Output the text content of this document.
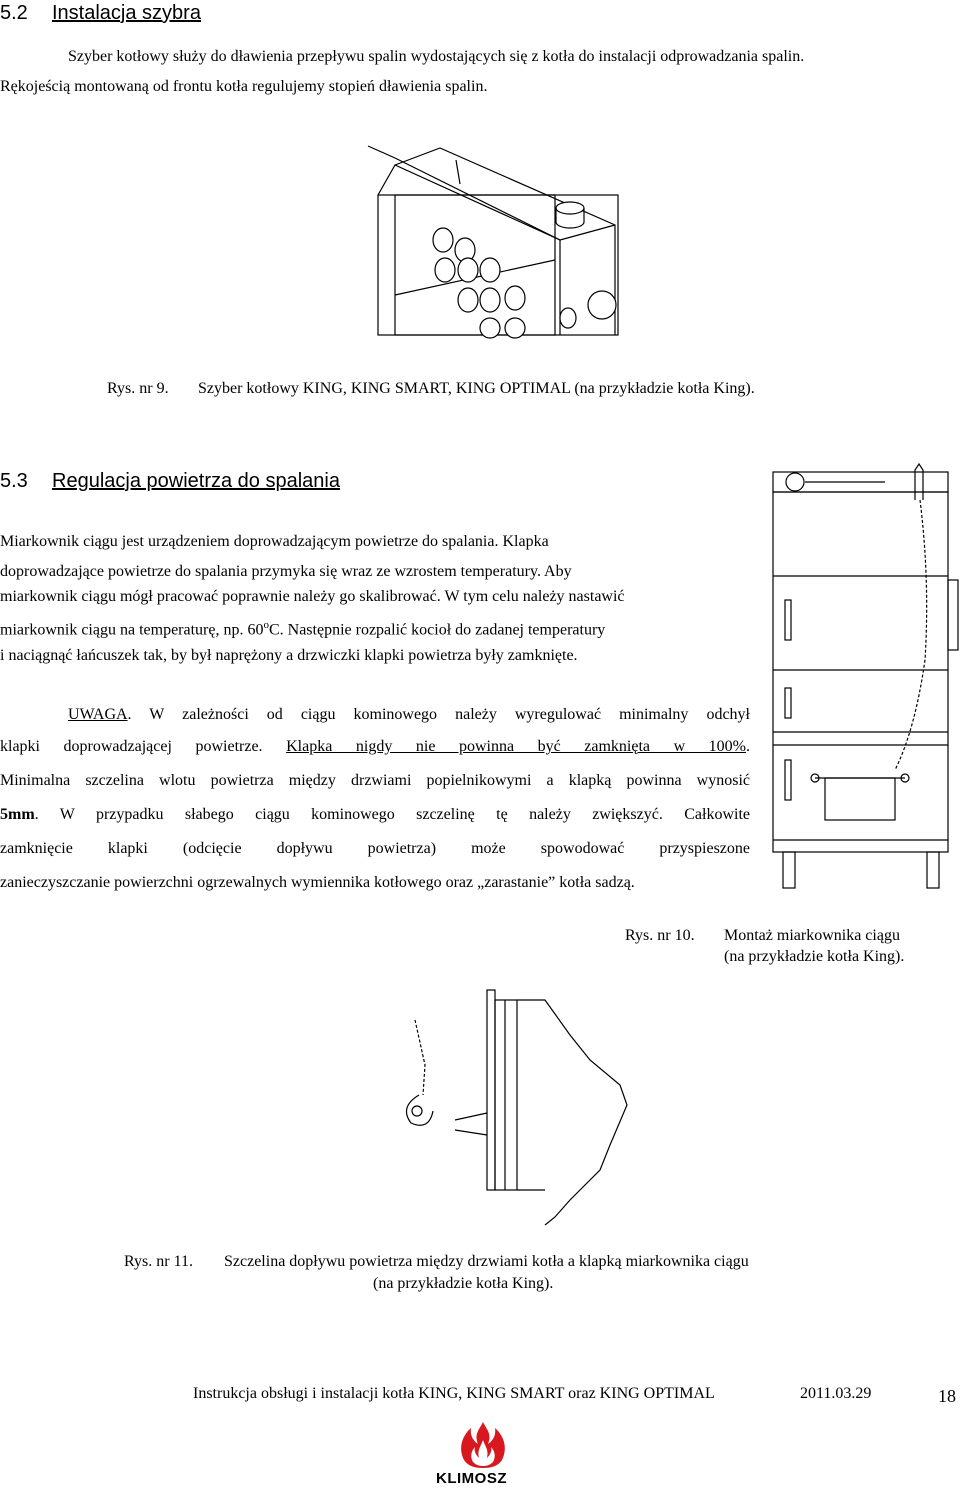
5.2 Instalacja szybra
Szyber kotłowy służy do dławienia przepływu spalin wydostających się z kotła do instalacji odprowadzania spalin.
Rękojeścią montowaną od frontu kotła regulujemy stopień dławienia spalin.
Rys. nr 9. Szyber kotłowy KING, KING SMART, KING OPTIMAL (na przykładzie kotła King).
5.3 Regulacja powietrza do spalania
Miarkownik ciągu jest urządzeniem doprowadzającym powietrze do spalania. Klapka
doprowadzające powietrze do spalania przymyka się wraz ze wzrostem temperatury. Aby
miarkownik ciągu mógł pracować poprawnie należy go skalibrować. W tym celu należy nastawić
miarkownik ciągu na temperaturę, np. 60$^o$C. Następnie rozpalić kocioł do zadanej temperatury
i naciągnąć łańcuszek tak, by był naprężony a drzwiczki klapki powietrza były zamknięte.
UWAGA. W zależności od ciągu kominowego należy wyregulować minimalny odchył
klapki doprowadzającej powietrze. Klapka nigdy nie powinna być zamknięta w 100%.
Minimalna szczelina wlotu powietrza między drzwiami popielnikowymi a klapką powinna wynosić
5mm. W przypadku słabego ciągu kominowego szczelinę tę należy zwiększyć. Całkowite
zamknięcie klapki (odcięcie dopływu powietrza) może spowodować przyspieszone
zanieczyszczanie powierzchni ogrzewalnych wymiennika kotłowego oraz „zarastanie” kotła sadzą.
Rys. nr 10. Montaż miarkownika ciągu
(na przykładzie kotła King).
Rys. nr 11. Szczelina dopływu powietrza między drzwiami kotła a klapką miarkownika ciągu
(na przykładzie kotła King).
Instrukcja obsługi i instalacji kotła KING, KING SMART oraz KING OPTIMAL	2011.03.29	18
KLIMOSZ
